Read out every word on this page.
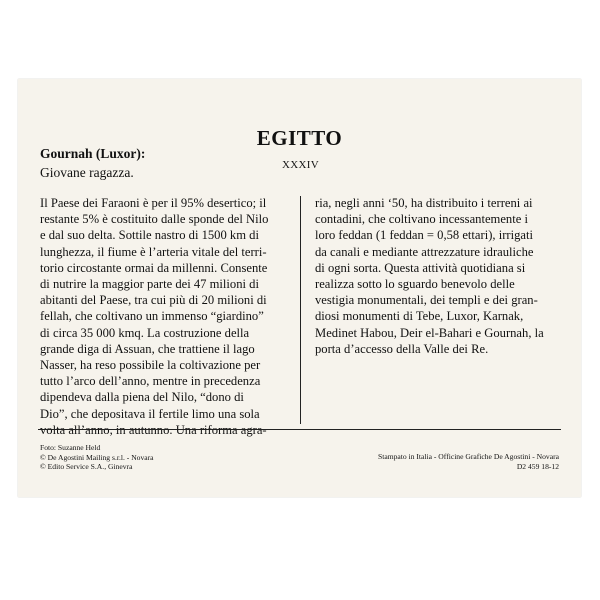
EGITTO
XXXIV
Gournah (Luxor):
Giovane ragazza.
Il Paese dei Faraoni è per il 95% desertico; il
restante 5% è costituito dalle sponde del Nilo
e dal suo delta. Sottile nastro di 1500 km di
lunghezza, il fiume è l’arteria vitale del terri-
torio circostante ormai da millenni. Consente
di nutrire la maggior parte dei 47 milioni di
abitanti del Paese, tra cui più di 20 milioni di
fellah, che coltivano un immenso “giardino”
di circa 35 000 kmq. La costruzione della
grande diga di Assuan, che trattiene il lago
Nasser, ha reso possibile la coltivazione per
tutto l’arco dell’anno, mentre in precedenza
dipendeva dalla piena del Nilo, “dono di
Dio”, che depositava il fertile limo una sola
volta all’anno, in autunno. Una riforma agra-
ria, negli anni ‘50, ha distribuito i terreni ai
contadini, che coltivano incessantemente i
loro feddan (1 feddan = 0,58 ettari), irrigati
da canali e mediante attrezzature idrauliche
di ogni sorta. Questa attività quotidiana si
realizza sotto lo sguardo benevolo delle
vestigia monumentali, dei templi e dei gran-
diosi monumenti di Tebe, Luxor, Karnak,
Medinet Habou, Deir el-Bahari e Gournah, la
porta d’accesso della Valle dei Re.
Foto: Suzanne Held
© De Agostini Mailing s.r.l. - Novara
© Edito Service S.A., Ginevra
Stampato in Italia - Officine Grafiche De Agostini - Novara
D2 459 18-12
